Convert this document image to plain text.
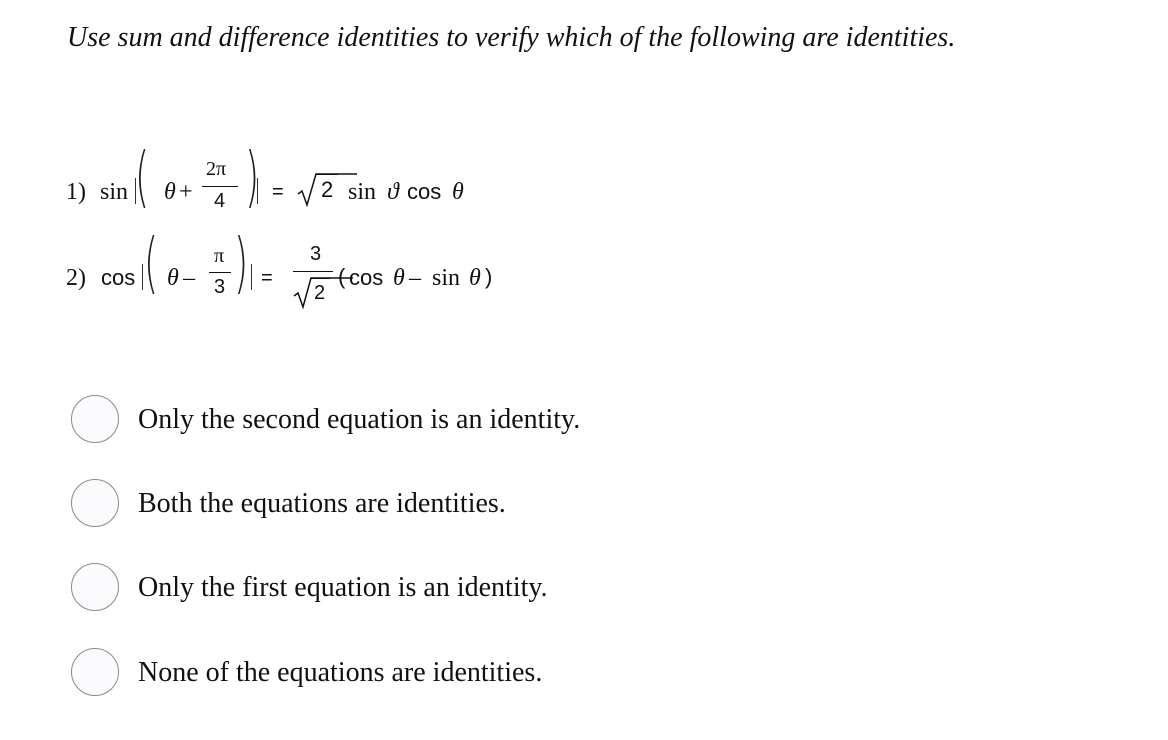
Use sum and difference identities to verify which of the following are identities.
1) sin ( θ +
2π
4 ) = 2 sin ϑ cos θ
2) cos ( θ –
π
3 ) =
3
2
( cos θ – sin θ )
Only the second equation is an identity.
Both the equations are identities.
Only the first equation is an identity.
None of the equations are identities.
